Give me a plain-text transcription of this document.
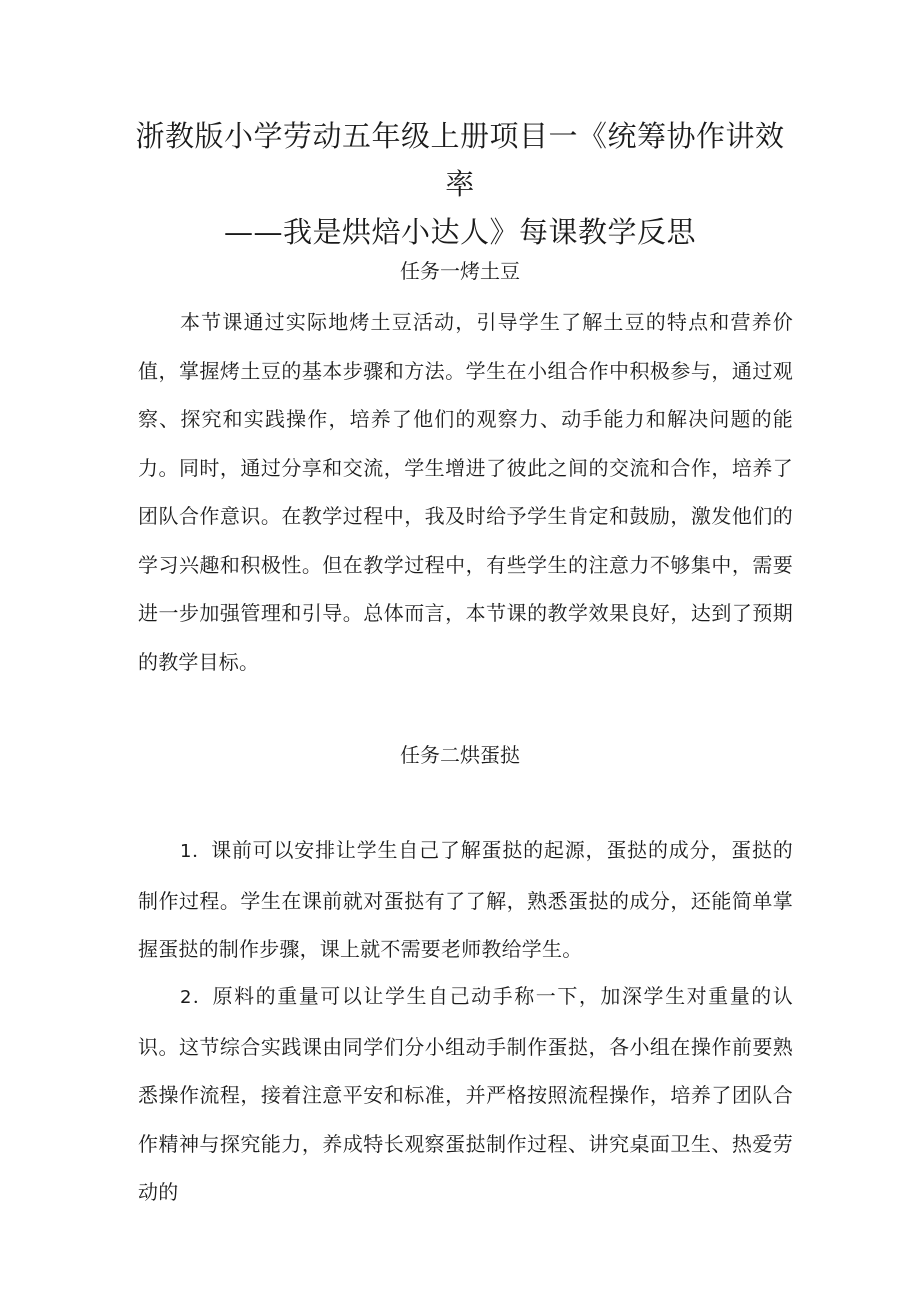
浙教版小学劳动五年级上册项目一《统筹协作讲效率
——我是烘焙小达人》每课教学反思
任务一烤土豆

本节课通过实际地烤土豆活动，引导学生了解土豆的特点和营养价值，掌握烤土豆的基本步骤和方法。学生在小组合作中积极参与，通过观察、探究和实践操作，培养了他们的观察力、动手能力和解决问题的能力。同时，通过分享和交流，学生增进了彼此之间的交流和合作，培养了团队合作意识。在教学过程中，我及时给予学生肯定和鼓励，激发他们的学习兴趣和积极性。但在教学过程中，有些学生的注意力不够集中，需要进一步加强管理和引导。总体而言，本节课的教学效果良好，达到了预期的教学目标。

任务二烘蛋挞

1．课前可以安排让学生自己了解蛋挞的起源，蛋挞的成分，蛋挞的制作过程。学生在课前就对蛋挞有了了解，熟悉蛋挞的成分，还能简单掌握蛋挞的制作步骤，课上就不需要老师教给学生。

2．原料的重量可以让学生自己动手称一下，加深学生对重量的认识。这节综合实践课由同学们分小组动手制作蛋挞，各小组在操作前要熟悉操作流程，接着注意平安和标准，并严格按照流程操作，培养了团队合作精神与探究能力，养成特长观察蛋挞制作过程、讲究桌面卫生、热爱劳动的
